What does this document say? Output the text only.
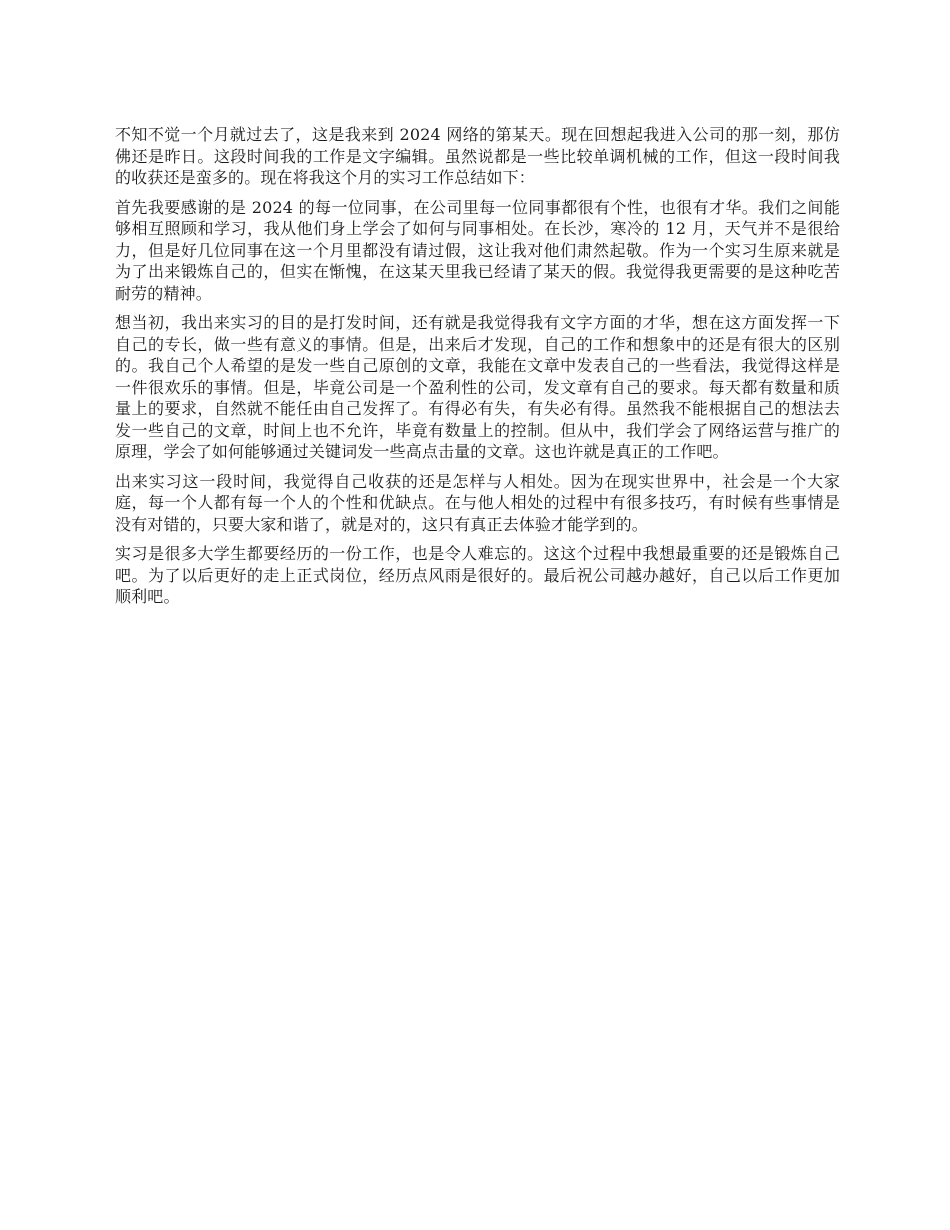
不知不觉一个月就过去了，这是我来到 2024 网络的第某天。现在回想起我进入公司的那一刻，那仿佛还是昨日。这段时间我的工作是文字编辑。虽然说都是一些比较单调机械的工作，但这一段时间我的收获还是蛮多的。现在将我这个月的实习工作总结如下：

首先我要感谢的是 2024 的每一位同事，在公司里每一位同事都很有个性，也很有才华。我们之间能够相互照顾和学习，我从他们身上学会了如何与同事相处。在长沙，寒冷的 12 月，天气并不是很给力，但是好几位同事在这一个月里都没有请过假，这让我对他们肃然起敬。作为一个实习生原来就是为了出来锻炼自己的，但实在惭愧，在这某天里我已经请了某天的假。我觉得我更需要的是这种吃苦耐劳的精神。

想当初，我出来实习的目的是打发时间，还有就是我觉得我有文字方面的才华，想在这方面发挥一下自己的专长，做一些有意义的事情。但是，出来后才发现，自己的工作和想象中的还是有很大的区别的。我自己个人希望的是发一些自己原创的文章，我能在文章中发表自己的一些看法，我觉得这样是一件很欢乐的事情。但是，毕竟公司是一个盈利性的公司，发文章有自己的要求。每天都有数量和质量上的要求，自然就不能任由自己发挥了。有得必有失，有失必有得。虽然我不能根据自己的想法去发一些自己的文章，时间上也不允许，毕竟有数量上的控制。但从中，我们学会了网络运营与推广的原理，学会了如何能够通过关键词发一些高点击量的文章。这也许就是真正的工作吧。

出来实习这一段时间，我觉得自己收获的还是怎样与人相处。因为在现实世界中，社会是一个大家庭，每一个人都有每一个人的个性和优缺点。在与他人相处的过程中有很多技巧，有时候有些事情是没有对错的，只要大家和谐了，就是对的，这只有真正去体验才能学到的。

实习是很多大学生都要经历的一份工作，也是令人难忘的。这这个过程中我想最重要的还是锻炼自己吧。为了以后更好的走上正式岗位，经历点风雨是很好的。最后祝公司越办越好，自己以后工作更加顺利吧。
